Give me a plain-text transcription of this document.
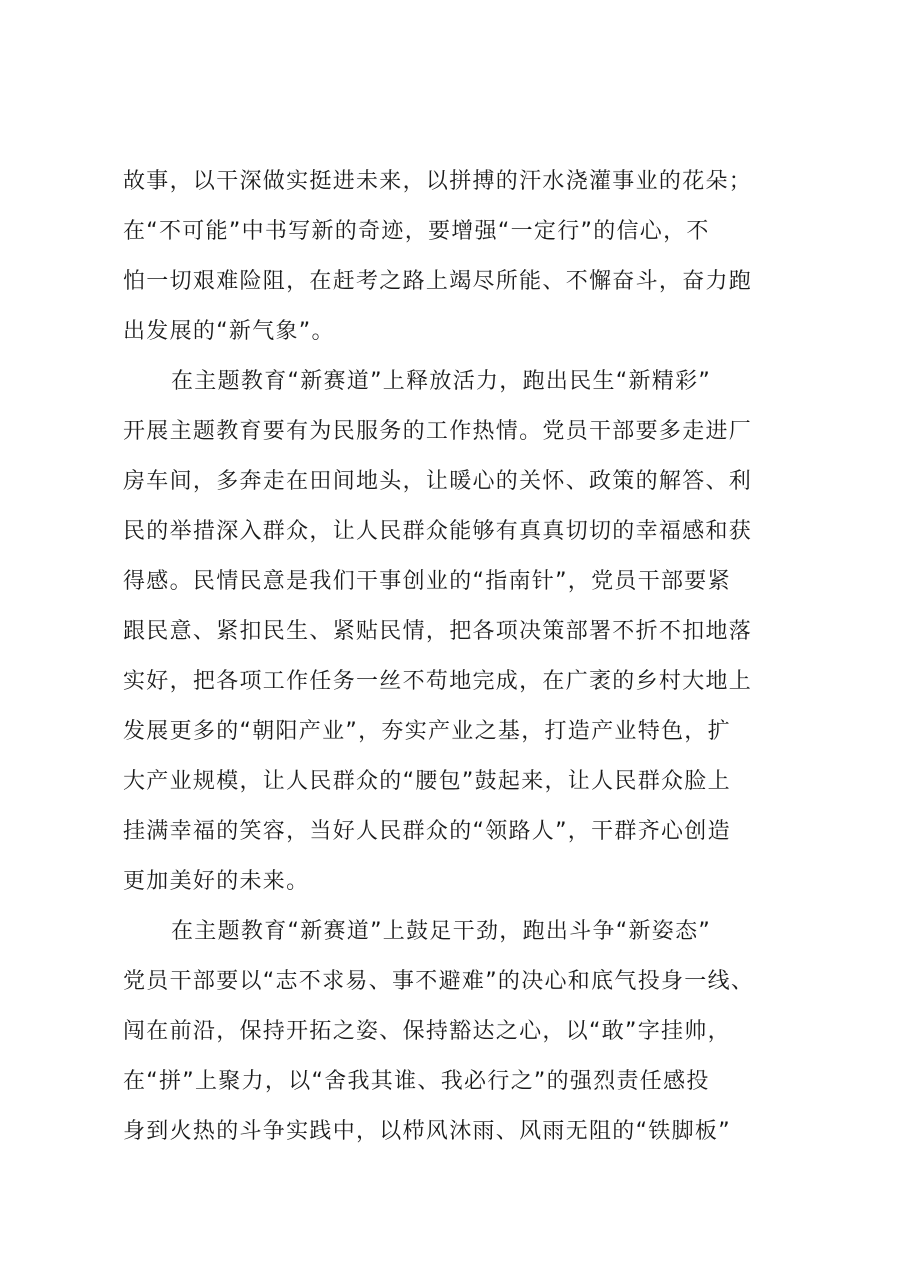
故事，以干深做实挺进未来，以拼搏的汗水浇灌事业的花朵；
在“不可能”中书写新的奇迹，要增强“一定行”的信心，不
怕一切艰难险阻，在赶考之路上竭尽所能、不懈奋斗，奋力跑
出发展的“新气象”。
在主题教育“新赛道”上释放活力，跑出民生“新精彩”
开展主题教育要有为民服务的工作热情。党员干部要多走进厂
房车间，多奔走在田间地头，让暖心的关怀、政策的解答、利
民的举措深入群众，让人民群众能够有真真切切的幸福感和获
得感。民情民意是我们干事创业的“指南针”，党员干部要紧
跟民意、紧扣民生、紧贴民情，把各项决策部署不折不扣地落
实好，把各项工作任务一丝不苟地完成，在广袤的乡村大地上
发展更多的“朝阳产业”，夯实产业之基，打造产业特色，扩
大产业规模，让人民群众的“腰包”鼓起来，让人民群众脸上
挂满幸福的笑容，当好人民群众的“领路人”，干群齐心创造
更加美好的未来。
在主题教育“新赛道”上鼓足干劲，跑出斗争“新姿态”
党员干部要以“志不求易、事不避难”的决心和底气投身一线、
闯在前沿，保持开拓之姿、保持豁达之心，以“敢”字挂帅，
在“拼”上聚力，以“舍我其谁、我必行之”的强烈责任感投
身到火热的斗争实践中，以栉风沐雨、风雨无阻的“铁脚板”
